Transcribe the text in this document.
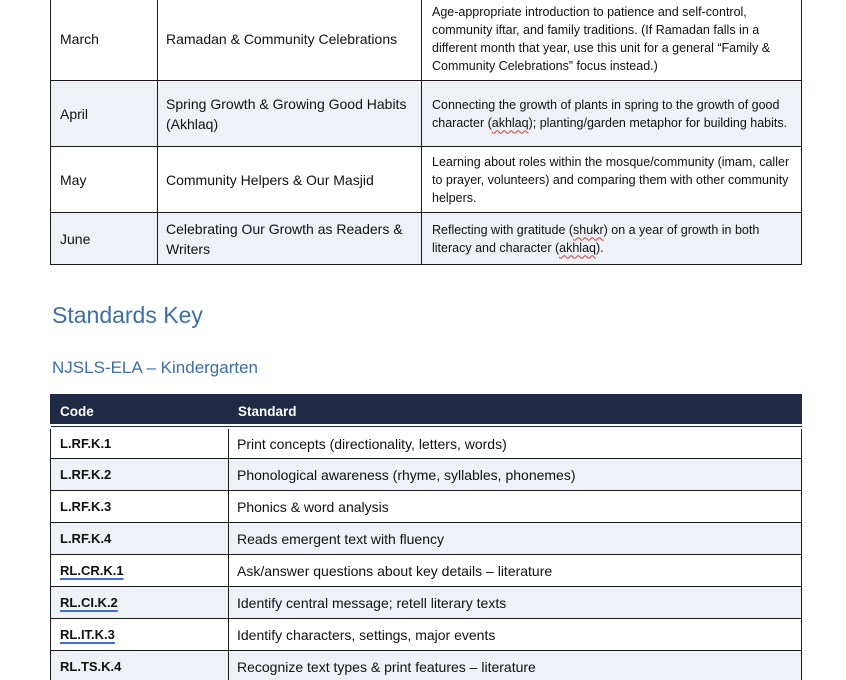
March	Ramadan & Community Celebrations	Age-appropriate introduction to patience and self-control, community iftar, and family traditions. (If Ramadan falls in a different month that year, use this unit for a general “Family & Community Celebrations” focus instead.)
April	Spring Growth & Growing Good Habits (Akhlaq)	Connecting the growth of plants in spring to the growth of good character (akhlaq); planting/garden metaphor for building habits.
May	Community Helpers & Our Masjid	Learning about roles within the mosque/community (imam, caller to prayer, volunteers) and comparing them with other community helpers.
June	Celebrating Our Growth as Readers & Writers	Reflecting with gratitude (shukr) on a year of growth in both literacy and character (akhlaq).
Standards Key
NJSLS-ELA – Kindergarten
Code	Standard
L.RF.K.1	Print concepts (directionality, letters, words)
L.RF.K.2	Phonological awareness (rhyme, syllables, phonemes)
L.RF.K.3	Phonics & word analysis
L.RF.K.4	Reads emergent text with fluency
RL.CR.K.1	Ask/answer questions about key details – literature
RL.CI.K.2	Identify central message; retell literary texts
RL.IT.K.3	Identify characters, settings, major events
RL.TS.K.4	Recognize text types & print features – literature
